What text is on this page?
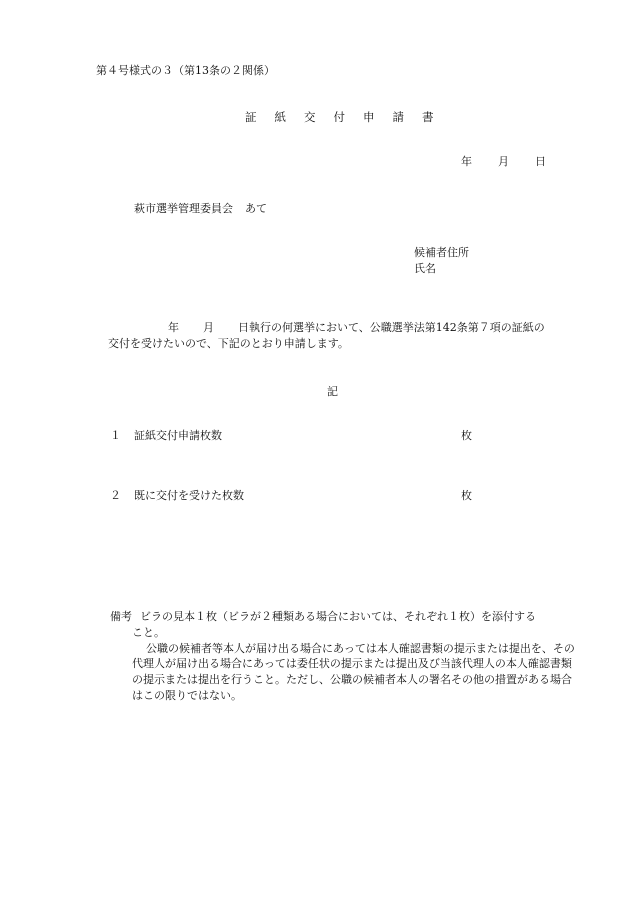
第４号様式の３（第13条の２関係）
証紙交付申請書
年 月 日
萩市選挙管理委員会 あて
候補者住所
氏名
年 月 日執行の何選挙において、公職選挙法第142条第７項の証紙の
交付を受けたいので、下記のとおり申請します。
記
１ 証紙交付申請枚数	枚
２ 既に交付を受けた枚数	枚
備考 ビラの見本１枚（ビラが２種類ある場合においては、それぞれ１枚）を添付する
こと。
公職の候補者等本人が届け出る場合にあっては本人確認書類の提示または提出を、その代理人が届け出る場合にあっては委任状の提示または提出及び当該代理人の本人確認書類の提示または提出を行うこと。ただし、公職の候補者本人の署名その他の措置がある場合はこの限りではない。
